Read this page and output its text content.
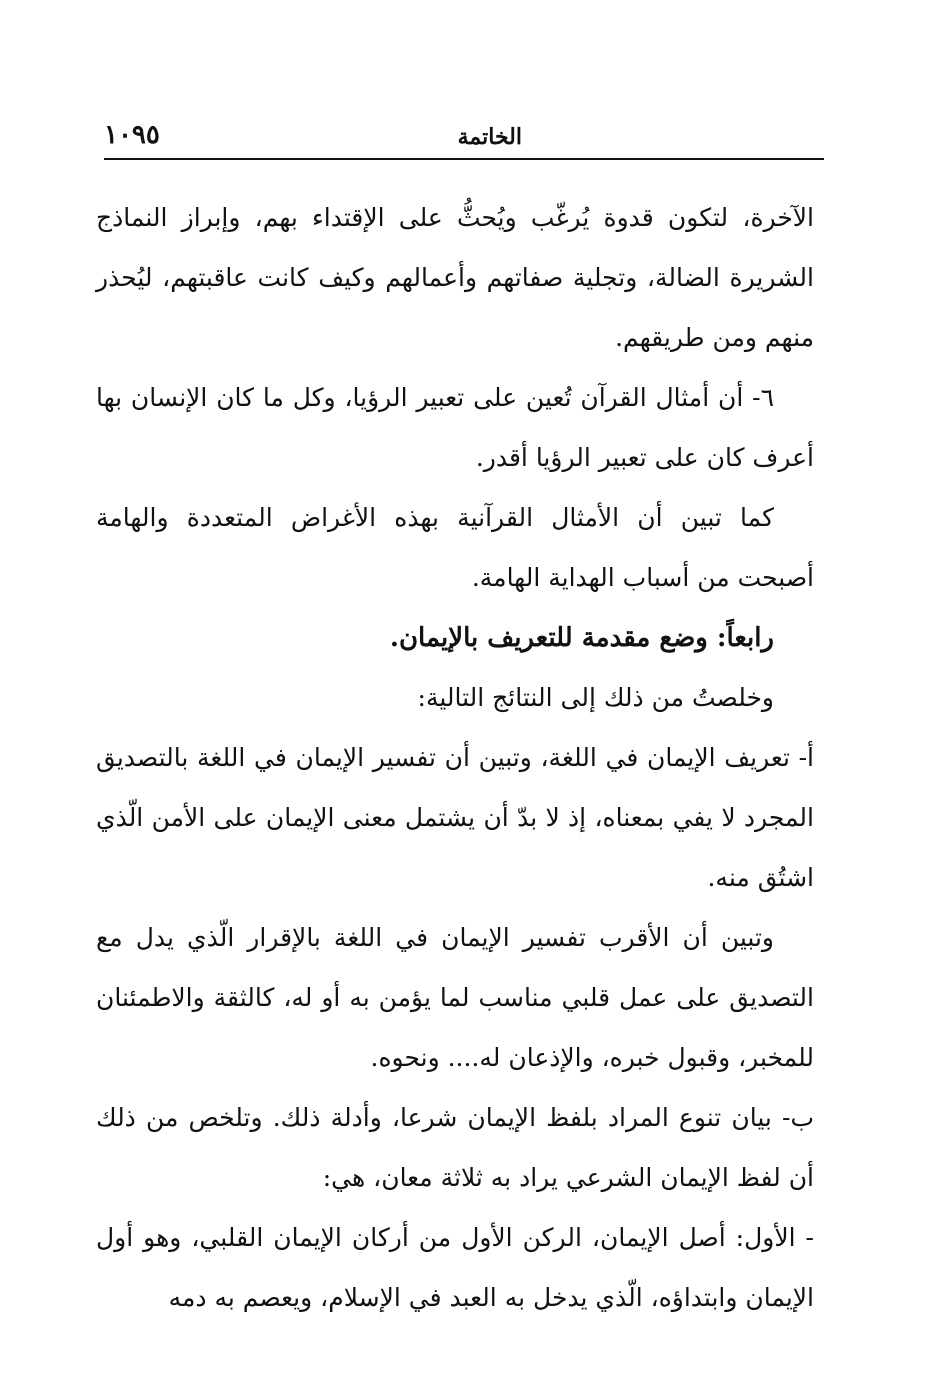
الخاتمة
١٠٩٥

الآخرة، لتكون قدوة يُرغّب ويُحثُّ على الإقتداء بهم، وإبراز النماذج الشريرة الضالة، وتجلية صفاتهم وأعمالهم وكيف كانت عاقبتهم، ليُحذر منهم ومن طريقهم.

٦- أن أمثال القرآن تُعين على تعبير الرؤيا، وكل ما كان الإنسان بها أعرف كان على تعبير الرؤيا أقدر.

كما تبين أن الأمثال القرآنية بهذه الأغراض المتعددة والهامة أصبحت من أسباب الهداية الهامة.

رابعاً: وضع مقدمة للتعريف بالإيمان.

وخلصتُ من ذلك إلى النتائج التالية:

أ- تعريف الإيمان في اللغة، وتبين أن تفسير الإيمان في اللغة بالتصديق المجرد لا يفي بمعناه، إذ لا بدّ أن يشتمل معنى الإيمان على الأمن الّذي اشتُق منه.

وتبين أن الأقرب تفسير الإيمان في اللغة بالإقرار الّذي يدل مع التصديق على عمل قلبي مناسب لما يؤمن به أو له، كالثقة والاطمئنان للمخبر، وقبول خبره، والإذعان له.... ونحوه.

ب- بيان تنوع المراد بلفظ الإيمان شرعا، وأدلة ذلك. وتلخص من ذلك أن لفظ الإيمان الشرعي يراد به ثلاثة معان، هي:

- الأول: أصل الإيمان، الركن الأول من أركان الإيمان القلبي، وهو أول الإيمان وابتداؤه، الّذي يدخل به العبد في الإسلام، ويعصم به دمه
